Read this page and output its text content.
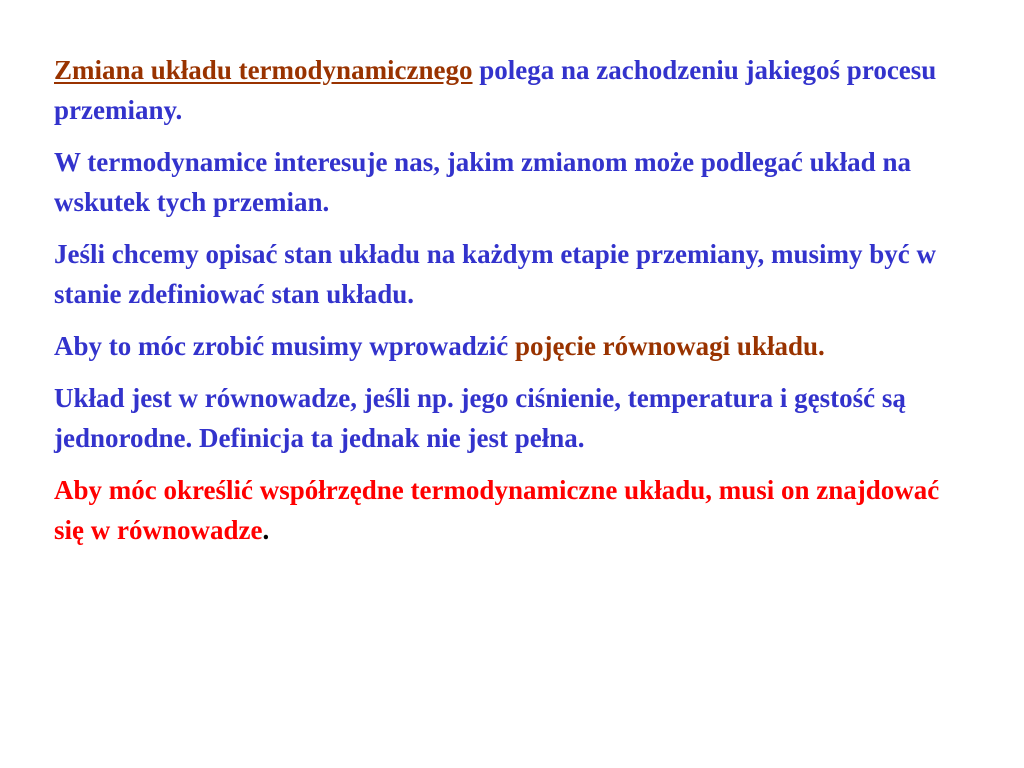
Zmiana układu termodynamicznego polega na zachodzeniu jakiegoś procesu przemiany.

W termodynamice interesuje nas, jakim zmianom może podlegać układ na wskutek tych przemian.

Jeśli chcemy opisać stan układu na każdym etapie przemiany, musimy być w stanie zdefiniować stan układu.

Aby to móc zrobić musimy wprowadzić pojęcie równowagi układu.

Układ jest w równowadze, jeśli np. jego ciśnienie, temperatura i gęstość są jednorodne. Definicja ta jednak nie jest pełna.

Aby móc określić współrzędne termodynamiczne układu, musi on znajdować się w równowadze.
